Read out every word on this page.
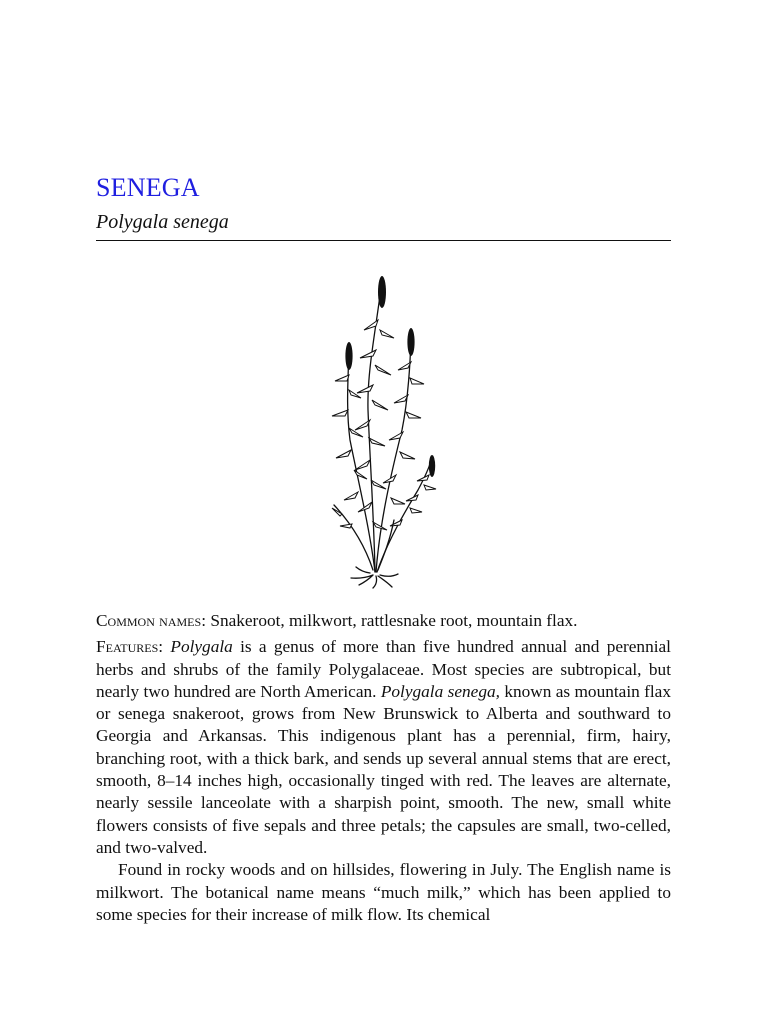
SENEGA
Polygala senega

Common names: Snakeroot, milkwort, rattlesnake root, mountain flax.

Features: Polygala is a genus of more than five hundred annual and perennial herbs and shrubs of the family Polygalaceae. Most species are subtropical, but nearly two hundred are North American. Polygala senega, known as mountain flax or senega snakeroot, grows from New Brunswick to Alberta and southward to Georgia and Arkansas. This indigenous plant has a perennial, firm, hairy, branching root, with a thick bark, and sends up several annual stems that are erect, smooth, 8–14 inches high, occasionally tinged with red. The leaves are alternate, nearly sessile lanceolate with a sharpish point, smooth. The new, small white flowers consists of five sepals and three petals; the capsules are small, two-celled, and two-valved.

Found in rocky woods and on hillsides, flowering in July. The English name is milkwort. The botanical name means “much milk,” which has been applied to some species for their increase of milk flow. Its chemical
